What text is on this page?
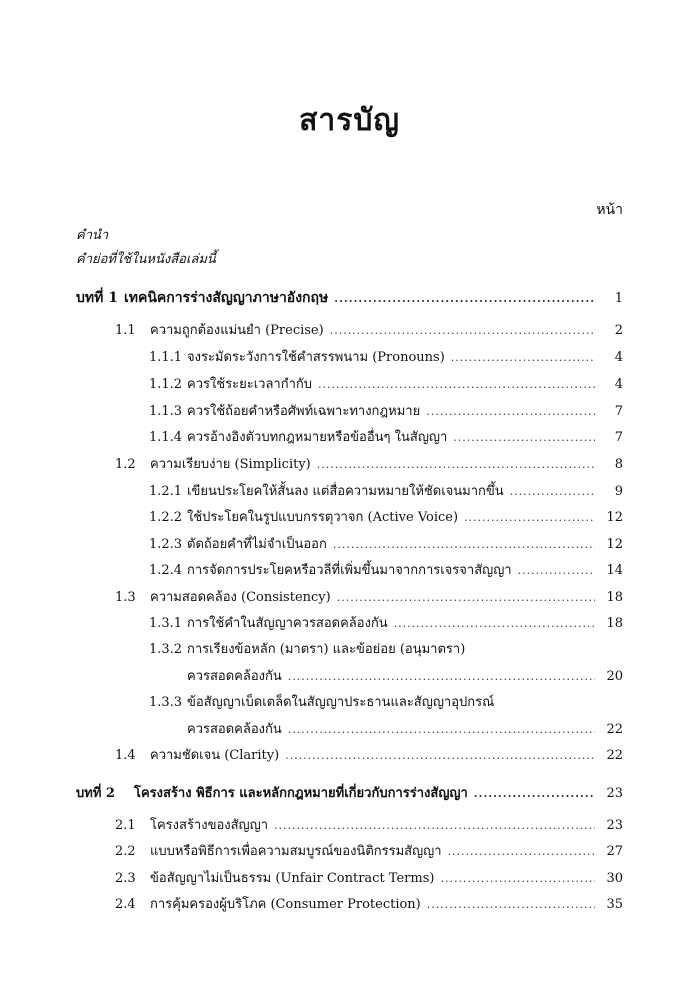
สารบัญ
หน้า
คำนำ
คำย่อที่ใช้ในหนังสือเล่มนี้
บทที่ 1 เทคนิคการร่างสัญญาภาษาอังกฤษ .....	1
1.1	ความถูกต้องแม่นยำ (Precise) .....	2
1.1.1 จงระมัดระวังการใช้คำสรรพนาม (Pronouns) .....	4
1.1.2 ควรใช้ระยะเวลากำกับ .....	4
1.1.3 ควรใช้ถ้อยคำหรือศัพท์เฉพาะทางกฎหมาย .....	7
1.1.4 ควรอ้างอิงตัวบทกฎหมายหรือข้ออื่นๆ ในสัญญา .....	7
1.2	ความเรียบง่าย (Simplicity) .....	8
1.2.1 เขียนประโยคให้สั้นลง แต่สื่อความหมายให้ชัดเจนมากขึ้น .....	9
1.2.2 ใช้ประโยคในรูปแบบกรรตุวาจก (Active Voice) .....	12
1.2.3 ตัดถ้อยคำที่ไม่จำเป็นออก .....	12
1.2.4 การจัดการประโยคหรือวลีที่เพิ่มขึ้นมาจากการเจรจาสัญญา .....	14
1.3	ความสอดคล้อง (Consistency) .....	18
1.3.1 การใช้คำในสัญญาควรสอดคล้องกัน .....	18
1.3.2 การเรียงข้อหลัก (มาตรา) และข้อย่อย (อนุมาตรา)
ควรสอดคล้องกัน .....	20
1.3.3 ข้อสัญญาเบ็ดเตล็ดในสัญญาประธานและสัญญาอุปกรณ์
ควรสอดคล้องกัน .....	22
1.4	ความชัดเจน (Clarity) .....	22
บทที่ 2	โครงสร้าง พิธีการ และหลักกฎหมายที่เกี่ยวกับการร่างสัญญา .....	23
2.1	โครงสร้างของสัญญา .....	23
2.2	แบบหรือพิธีการเพื่อความสมบูรณ์ของนิติกรรมสัญญา .....	27
2.3	ข้อสัญญาไม่เป็นธรรม (Unfair Contract Terms) .....	30
2.4	การคุ้มครองผู้บริโภค (Consumer Protection) .....	35
